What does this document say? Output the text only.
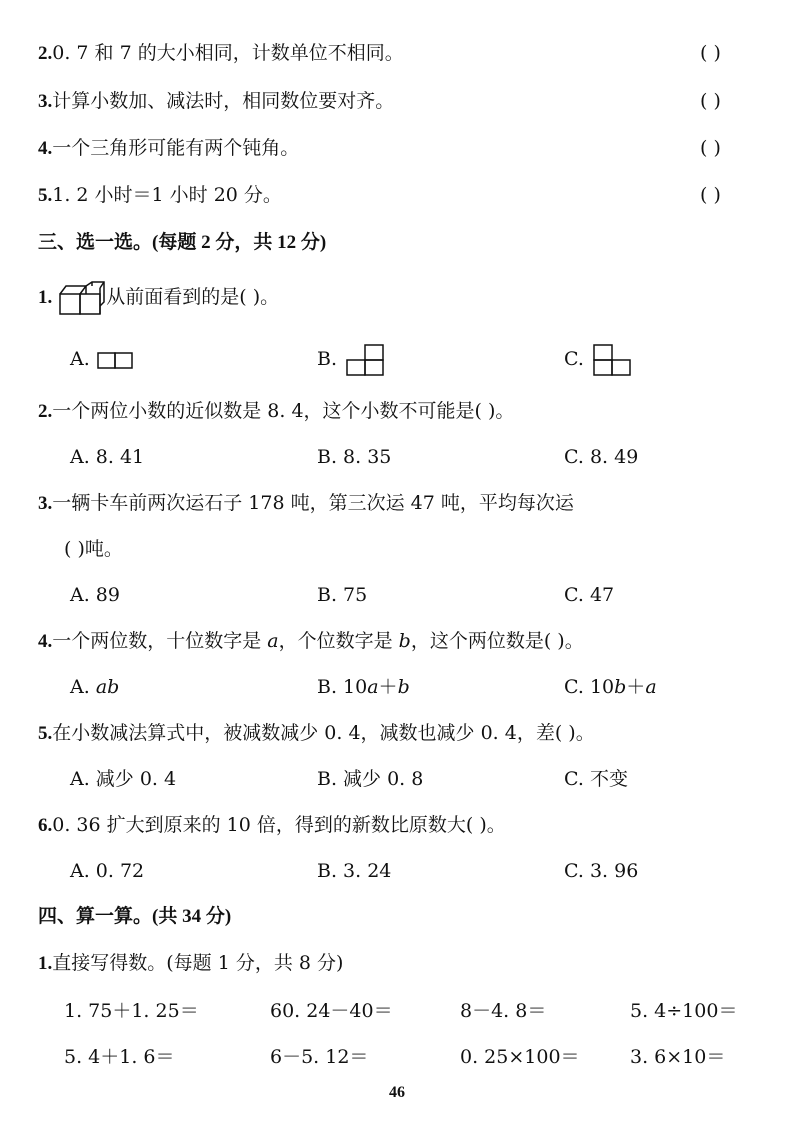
2.0. 7 和 7 的大小相同，计数单位不相同。	( )
3.计算小数加、减法时，相同数位要对齐。	( )
4.一个三角形可能有两个钝角。	( )
5.1. 2 小时＝1 小时 20 分。	( )
三、选一选。(每题 2 分，共 12 分)
1.	从前面看到的是( )。
A.	B.	C.
2.一个两位小数的近似数是 8. 4，这个小数不可能是( )。
A. 8. 41	B. 8. 35	C. 8. 49
3.一辆卡车前两次运石子 178 吨，第三次运 47 吨，平均每次运
( )吨。
A. 89	B. 75	C. 47
4.一个两位数，十位数字是 a，个位数字是 b，这个两位数是( )。
A. ab	B. 10a＋b	C. 10b＋a
5.在小数减法算式中，被减数减少 0. 4，减数也减少 0. 4，差( )。
A. 减少 0. 4	B. 减少 0. 8	C. 不变
6.0. 36 扩大到原来的 10 倍，得到的新数比原数大( )。
A. 0. 72	B. 3. 24	C. 3. 96
四、算一算。(共 34 分)
1.直接写得数。(每题 1 分，共 8 分)
1. 75＋1. 25＝	60. 24－40＝	8－4. 8＝	5. 4÷100＝
5. 4＋1. 6＝	6－5. 12＝	0. 25×100＝	3. 6×10＝
46
